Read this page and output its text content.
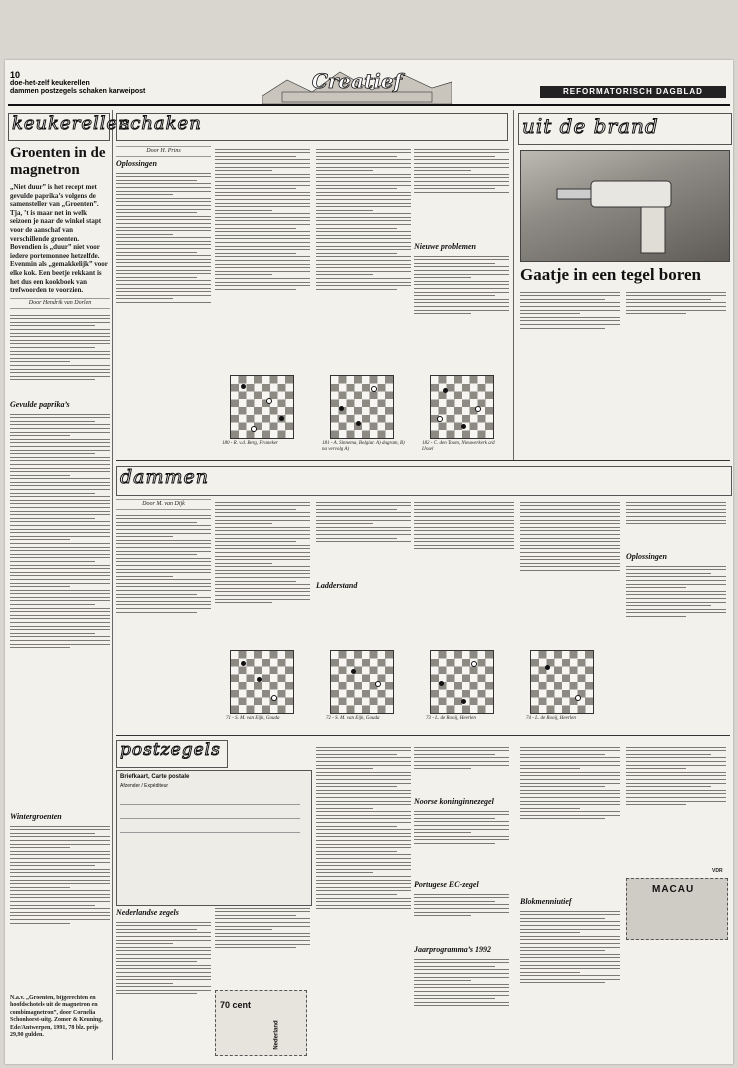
10
doe-het-zelf keukerellen
dammen postzegels schaken karweipost	Creatief	REFORMATORISCH DAGBLAD
keukerellen
Groenten in de magnetron
„Niet duur” is het recept met gevulde paprika’s volgens de samensteller van „Groenten”. Tja, ’t is maar net in welk seizoen je naar de winkel stapt voor de aanschaf van verschillende groenten. Bovendien is „duur” niet voor iedere portemonnee hetzelfde. Evenmin als „gemakkelijk” voor elke kok. Een beetje rekkant is het dus een kookboek van trefwoorden te voorzien.
Door Hendrik van Dorlen
Gevulde paprika’s
Wintergroenten
N.a.v. „Groenten, bijgerechten en hoofdschotels uit de magnetron en combimagnetron”, door Cornelia Schonhorst-uitg. Zomer & Keuning, Ede/Antwerpen, 1991, 78 blz. prijs 29,90 gulden.
schaken
Door H. Prins
Oplossingen
Nieuwe problemen
180 - R. v.d. Berg, Franeker	181 - A. Sinnema, Bolgiur. A) dagram, B) na vervolg A)
182 - C. den Toom, Nieuwerkerk a/d IJssel
uit de brand
Gaatje in een tegel boren
dammen
Door M. van Dijk
Ladderstand
Oplossingen
71 - S. M. van Eijk, Gouda	72 - S. M. van Eijk, Gouda	73 - L. de Rooij, Heerlen	74 - L. de Rooij, Heerlen
postzegels
Briefkaart, Carte postale
Afzender / Expéditeur
Nederlandse zegels
70 cent
Nederland
Noorse koninginnezegel
Portugese EC-zegel
Jaarprogramma’s 1992
Blokmenniutief
VDR
MACAU
